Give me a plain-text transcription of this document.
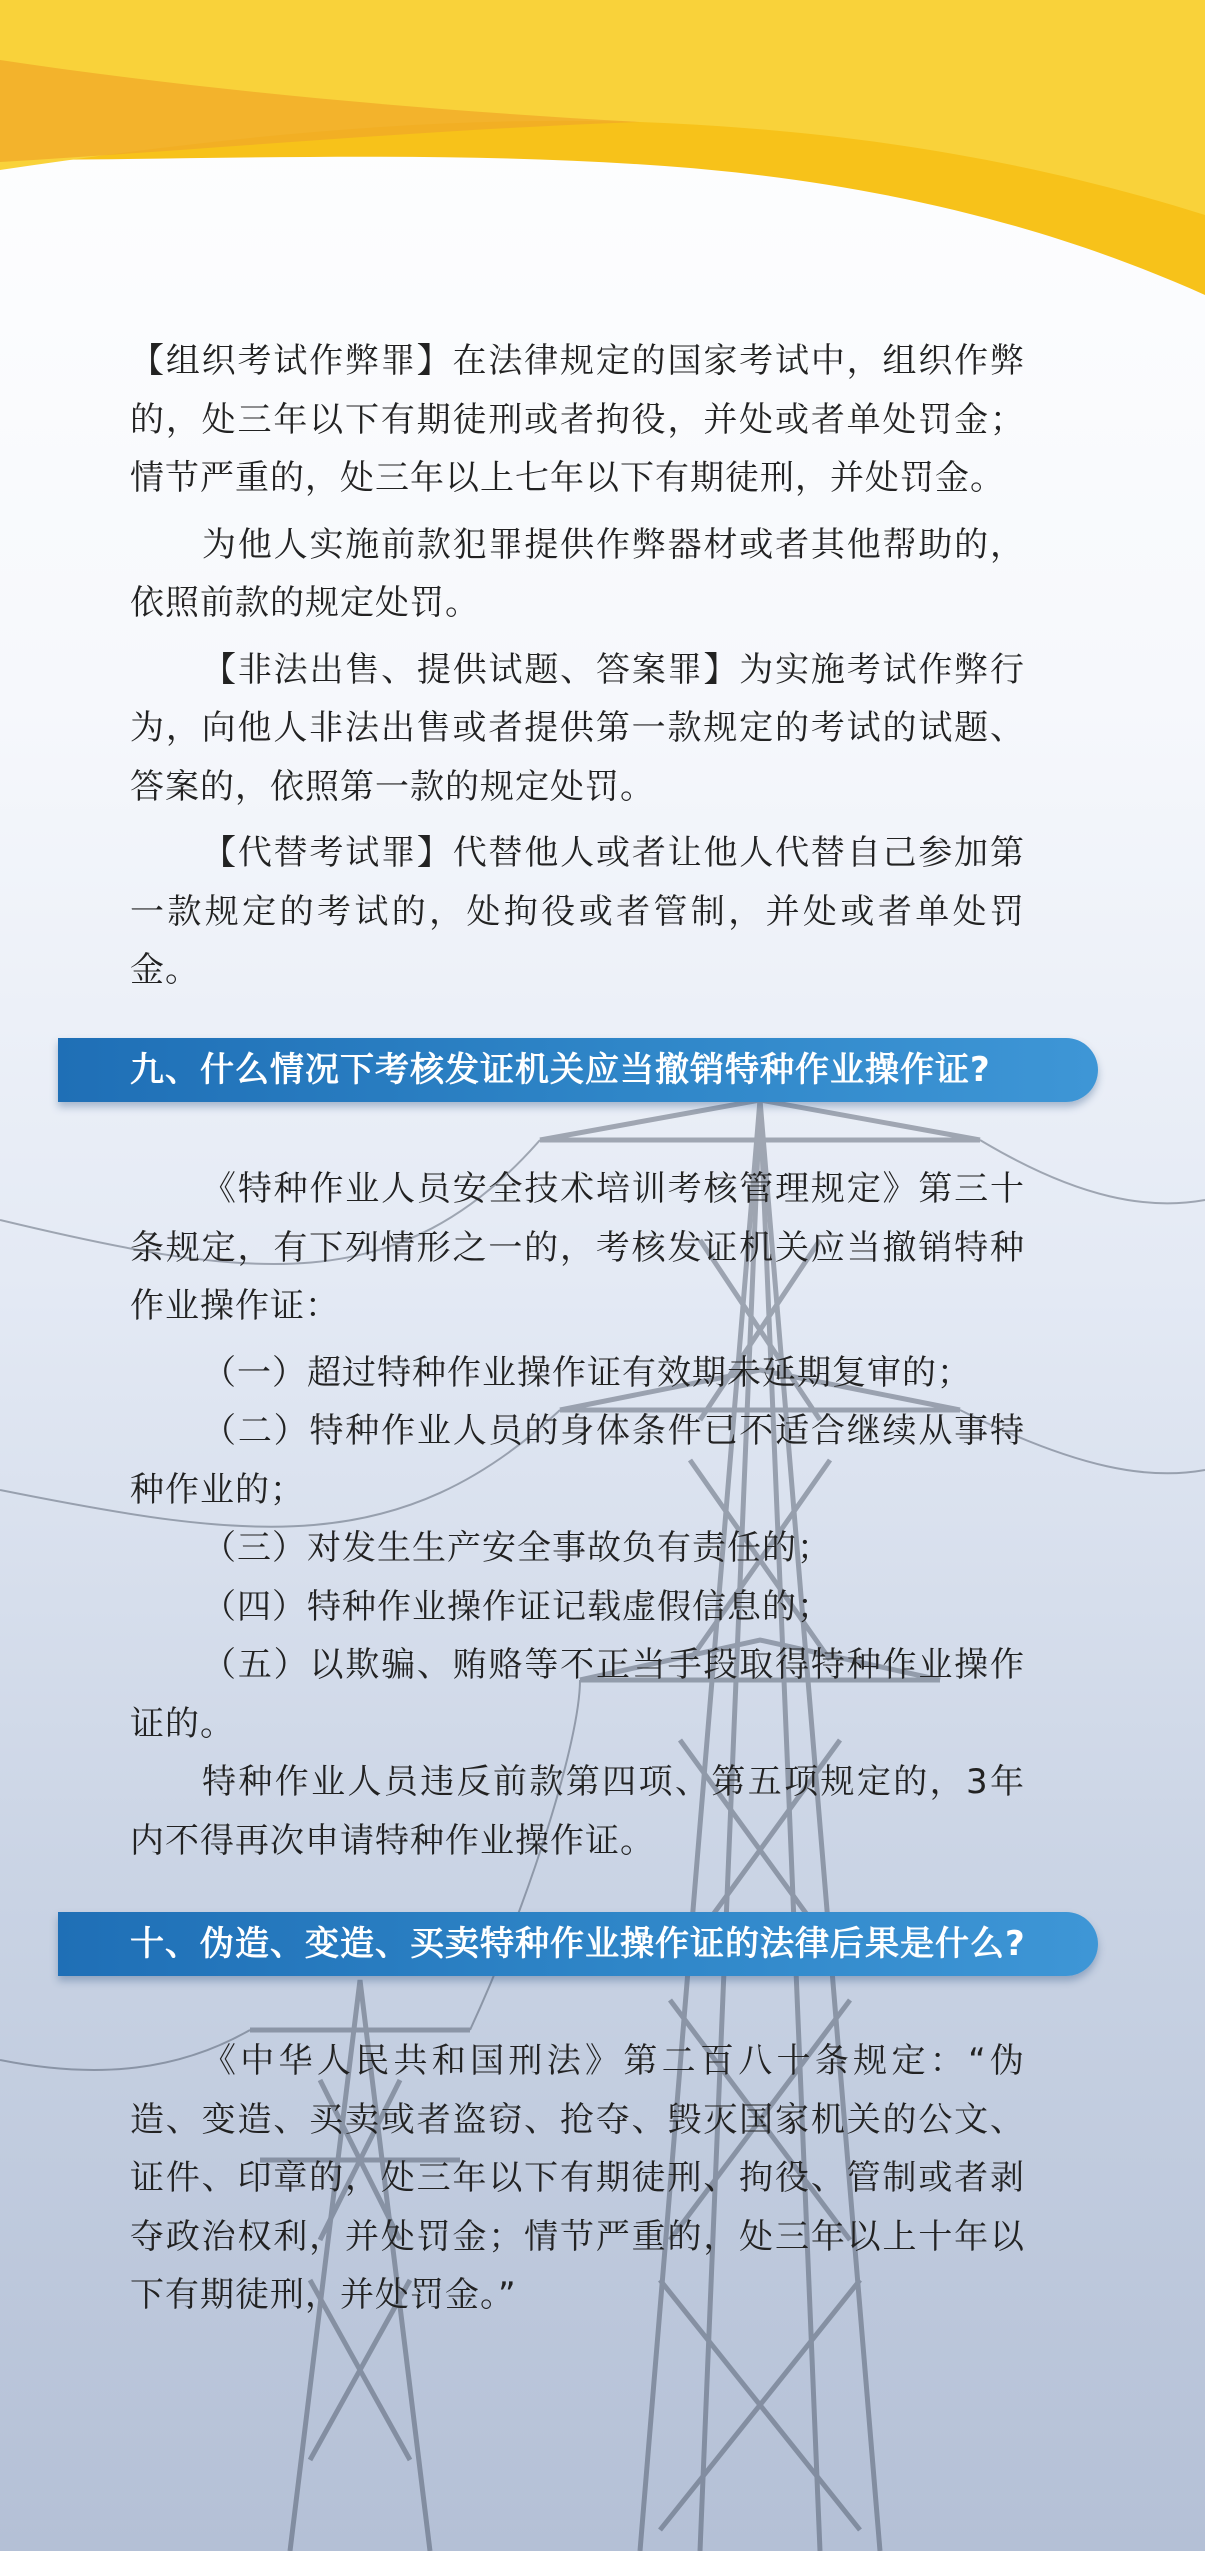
【组织考试作弊罪】在法律规定的国家考试中，组织作弊的，处三年以下有期徒刑或者拘役，并处或者单处罚金；情节严重的，处三年以上七年以下有期徒刑，并处罚金。

为他人实施前款犯罪提供作弊器材或者其他帮助的，依照前款的规定处罚。

【非法出售、提供试题、答案罪】为实施考试作弊行为，向他人非法出售或者提供第一款规定的考试的试题、答案的，依照第一款的规定处罚。

【代替考试罪】代替他人或者让他人代替自己参加第一款规定的考试的，处拘役或者管制，并处或者单处罚金。

九、什么情况下考核发证机关应当撤销特种作业操作证?

《特种作业人员安全技术培训考核管理规定》第三十条规定，有下列情形之一的，考核发证机关应当撤销特种作业操作证：

（一）超过特种作业操作证有效期未延期复审的；

（二）特种作业人员的身体条件已不适合继续从事特种作业的；

（三）对发生生产安全事故负有责任的；

（四）特种作业操作证记载虚假信息的；

（五）以欺骗、贿赂等不正当手段取得特种作业操作证的。

特种作业人员违反前款第四项、第五项规定的，3年内不得再次申请特种作业操作证。

十、伪造、变造、买卖特种作业操作证的法律后果是什么?

《中华人民共和国刑法》第二百八十条规定：“伪造、变造、买卖或者盗窃、抢夺、毁灭国家机关的公文、证件、印章的，处三年以下有期徒刑、拘役、管制或者剥夺政治权利，并处罚金；情节严重的，处三年以上十年以下有期徒刑，并处罚金。”
